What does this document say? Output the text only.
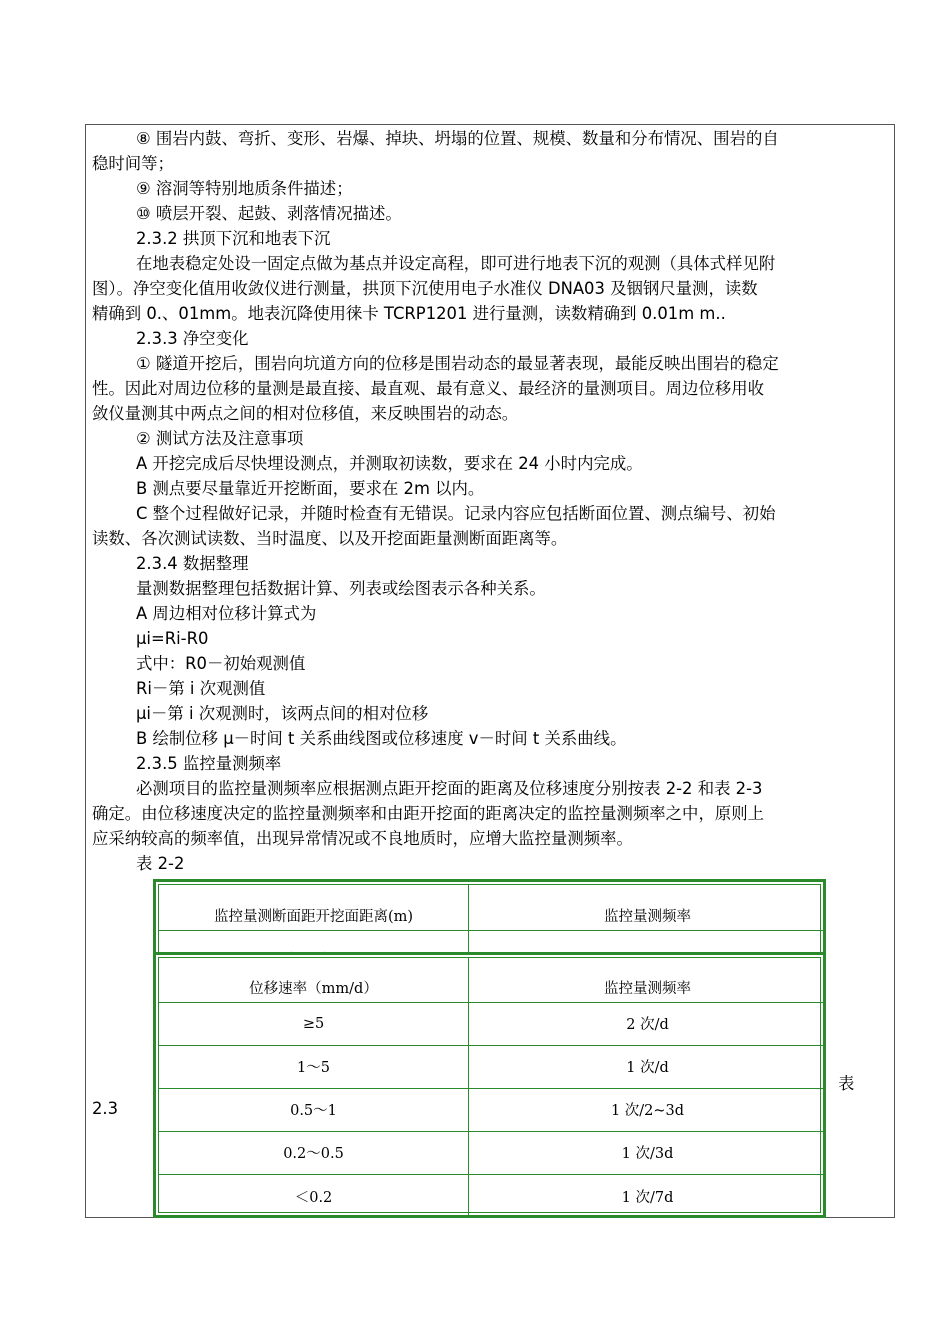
⑧ 围岩内鼓、弯折、变形、岩爆、掉块、坍塌的位置、规模、数量和分布情况、围岩的自
稳时间等；
⑨ 溶洞等特别地质条件描述；
⑩ 喷层开裂、起鼓、剥落情况描述。
2.3.2 拱顶下沉和地表下沉
在地表稳定处设一固定点做为基点并设定高程，即可进行地表下沉的观测（具体式样见附
图）。净空变化值用收敛仪进行测量，拱顶下沉使用电子水准仪 DNA03 及铟钢尺量测，读数
精确到 0.、01mm。地表沉降使用徕卡 TCRP1201 进行量测，读数精确到 0.01m m..
2.3.3 净空变化
① 隧道开挖后，围岩向坑道方向的位移是围岩动态的最显著表现，最能反映出围岩的稳定
性。因此对周边位移的量测是最直接、最直观、最有意义、最经济的量测项目。周边位移用收
敛仪量测其中两点之间的相对位移值，来反映围岩的动态。
② 测试方法及注意事项
A 开挖完成后尽快埋设测点，并测取初读数，要求在 24 小时内完成。
B 测点要尽量靠近开挖断面，要求在 2m 以内。
C 整个过程做好记录，并随时检查有无错误。记录内容应包括断面位置、测点编号、初始
读数、各次测试读数、当时温度、以及开挖面距量测断面距离等。
2.3.4 数据整理
量测数据整理包括数据计算、列表或绘图表示各种关系。
A 周边相对位移计算式为
μi=Ri-R0
式中：R0－初始观测值
Ri－第 i 次观测值
μi－第 i 次观测时，该两点间的相对位移
B 绘制位移 μ－时间 t 关系曲线图或位移速度 v－时间 t 关系曲线。
2.3.5 监控量测频率
必测项目的监控量测频率应根据测点距开挖面的距离及位移速度分别按表 2-2 和表 2-3
确定。由位移速度决定的监控量测频率和由距开挖面的距离决定的监控量测频率之中，原则上
应采纳较高的频率值，出现异常情况或不良地质时，应增大监控量测频率。
表 2-2
监控量测断面距开挖面距离(m)	监控量测频率
位移速率（mm/d）	监控量测频率
≥5	2 次/d
1～5	1 次/d
0.5～1	1 次/2~3d
0.2～0.5	1 次/3d
＜0.2	1 次/7d
2.3
表
